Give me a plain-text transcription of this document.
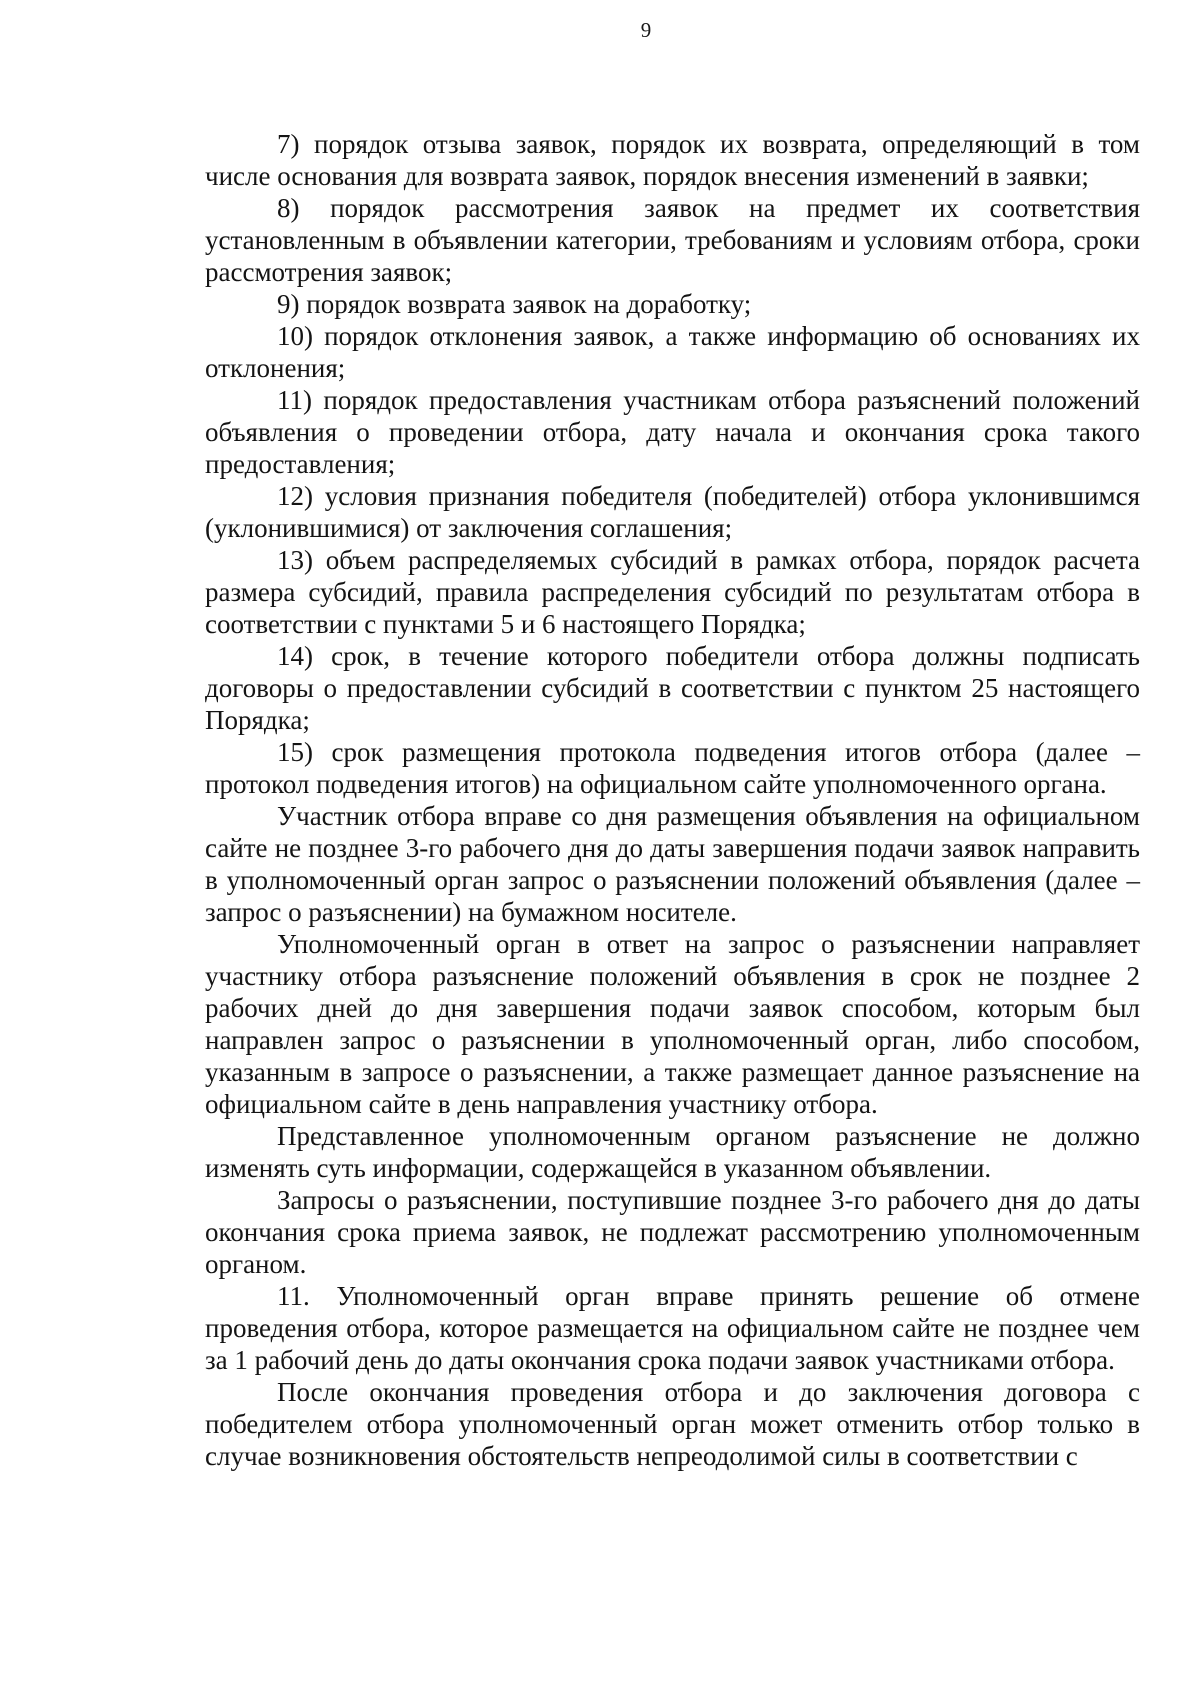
9

7) порядок отзыва заявок, порядок их возврата, определяющий в том числе основания для возврата заявок, порядок внесения изменений в заявки;

8) порядок рассмотрения заявок на предмет их соответствия установленным в объявлении категории, требованиям и условиям отбора, сроки рассмотрения заявок;

9) порядок возврата заявок на доработку;

10) порядок отклонения заявок, а также информацию об основаниях их отклонения;

11) порядок предоставления участникам отбора разъяснений положений объявления о проведении отбора, дату начала и окончания срока такого предоставления;

12) условия признания победителя (победителей) отбора уклонившимся (уклонившимися) от заключения соглашения;

13) объем распределяемых субсидий в рамках отбора, порядок расчета размера субсидий, правила распределения субсидий по результатам отбора в соответствии с пунктами 5 и 6 настоящего Порядка;

14) срок, в течение которого победители отбора должны подписать договоры о предоставлении субсидий в соответствии с пунктом 25 настоящего Порядка;

15) срок размещения протокола подведения итогов отбора (далее – протокол подведения итогов) на официальном сайте уполномоченного органа.

Участник отбора вправе со дня размещения объявления на официальном сайте не позднее 3-го рабочего дня до даты завершения подачи заявок направить в уполномоченный орган запрос о разъяснении положений объявления (далее – запрос о разъяснении) на бумажном носителе.

Уполномоченный орган в ответ на запрос о разъяснении направляет участнику отбора разъяснение положений объявления в срок не позднее 2 рабочих дней до дня завершения подачи заявок способом, которым был направлен запрос о разъяснении в уполномоченный орган, либо способом, указанным в запросе о разъяснении, а также размещает данное разъяснение на официальном сайте в день направления участнику отбора.

Представленное уполномоченным органом разъяснение не должно изменять суть информации, содержащейся в указанном объявлении.

Запросы о разъяснении, поступившие позднее 3-го рабочего дня до даты окончания срока приема заявок, не подлежат рассмотрению уполномоченным органом.

11. Уполномоченный орган вправе принять решение об отмене проведения отбора, которое размещается на официальном сайте не позднее чем за 1 рабочий день до даты окончания срока подачи заявок участниками отбора.

После окончания проведения отбора и до заключения договора с победителем отбора уполномоченный орган может отменить отбор только в случае возникновения обстоятельств непреодолимой силы в соответствии с
